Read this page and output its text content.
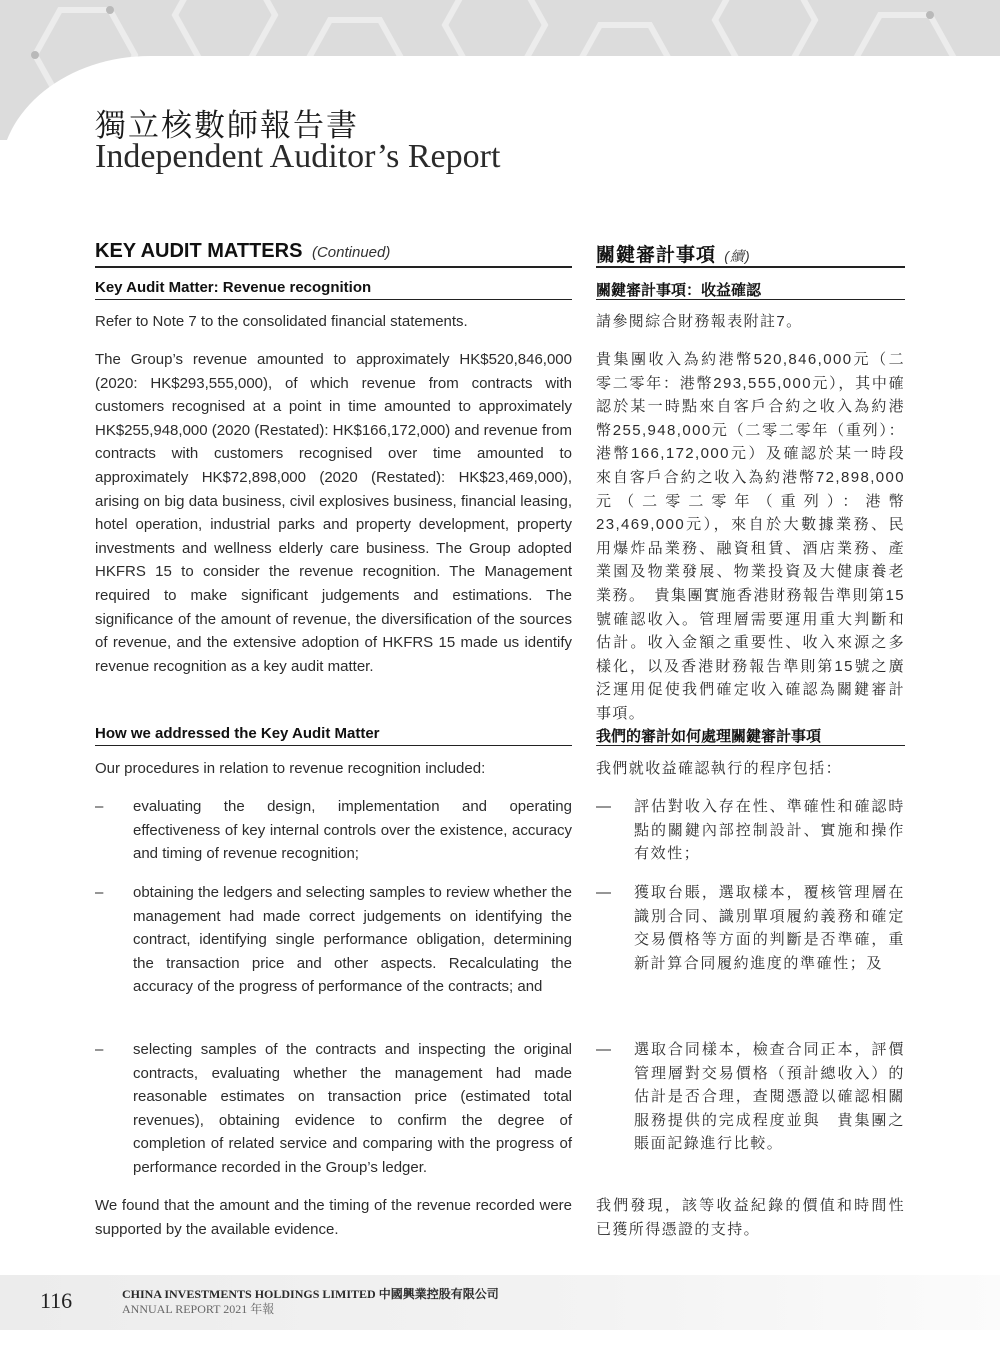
獨立核數師報告書
Independent Auditor’s Report
KEY AUDIT MATTERS (Continued)
Key Audit Matter: Revenue recognition

Refer to Note 7 to the consolidated financial statements.

The Group’s revenue amounted to approximately HK$520,846,000 (2020: HK$293,555,000), of which revenue from contracts with customers recognised at a point in time amounted to approximately HK$255,948,000 (2020 (Restated): HK$166,172,000) and revenue from contracts with customers recognised over time amounted to approximately HK$72,898,000 (2020 (Restated): HK$23,469,000), arising on big data business, civil explosives business, financial leasing, hotel operation, industrial parks and property development, property investments and wellness elderly care business. The Group adopted HKFRS 15 to consider the revenue recognition. The Management required to make significant judgements and estimations. The significance of the amount of revenue, the diversification of the sources of revenue, and the extensive adoption of HKFRS 15 made us identify revenue recognition as a key audit matter.

How we addressed the Key Audit Matter

Our procedures in relation to revenue recognition included:

– evaluating the design, implementation and operating effectiveness of key internal controls over the existence, accuracy and timing of revenue recognition;

– obtaining the ledgers and selecting samples to review whether the management had made correct judgements on identifying the contract, identifying single performance obligation, determining the transaction price and other aspects. Recalculating the accuracy of the progress of performance of the contracts; and

– selecting samples of the contracts and inspecting the original contracts, evaluating whether the management had made reasonable estimates on transaction price (estimated total revenues), obtaining evidence to confirm the degree of completion of related service and comparing with the progress of performance recorded in the Group’s ledger.

We found that the amount and the timing of the revenue recorded were supported by the available evidence.

關鍵審計事項 (續)
關鍵審計事項：收益確認

請參閱綜合財務報表附註7。

貴集團收入為約港幣520,846,000元（二零二零年：港幣293,555,000元），其中確認於某一時點來自客戶合約之收入為約港幣255,948,000元（二零二零年（重列）：港幣166,172,000元）及確認於某一時段來自客戶合約之收入為約港幣72,898,000元（二零二零年（重列）：港幣23,469,000元），來自於大數據業務、民用爆炸品業務、融資租賃、酒店業務、產業園及物業發展、物業投資及大健康養老業務。　貴集團實施香港財務報告準則第15號確認收入。管理層需要運用重大判斷和估計。收入金額之重要性、收入來源之多樣化，以及香港財務報告準則第15號之廣泛運用促使我們確定收入確認為關鍵審計事項。

我們的審計如何處理關鍵審計事項

我們就收益確認執行的程序包括：

— 評估對收入存在性、準確性和確認時點的關鍵內部控制設計、實施和操作有效性；

— 獲取台賬，選取樣本，覆核管理層在識別合同、識別單項履約義務和確定交易價格等方面的判斷是否準確，重新計算合同履約進度的準確性；及

— 選取合同樣本，檢查合同正本，評價管理層對交易價格（預計總收入）的估計是否合理，查閱憑證以確認相關服務提供的完成程度並與　貴集團之賬面記錄進行比較。

我們發現，該等收益紀錄的價值和時間性已獲所得憑證的支持。

116	CHINA INVESTMENTS HOLDINGS LIMITED 中國興業控股有限公司
ANNUAL REPORT 2021 年報
